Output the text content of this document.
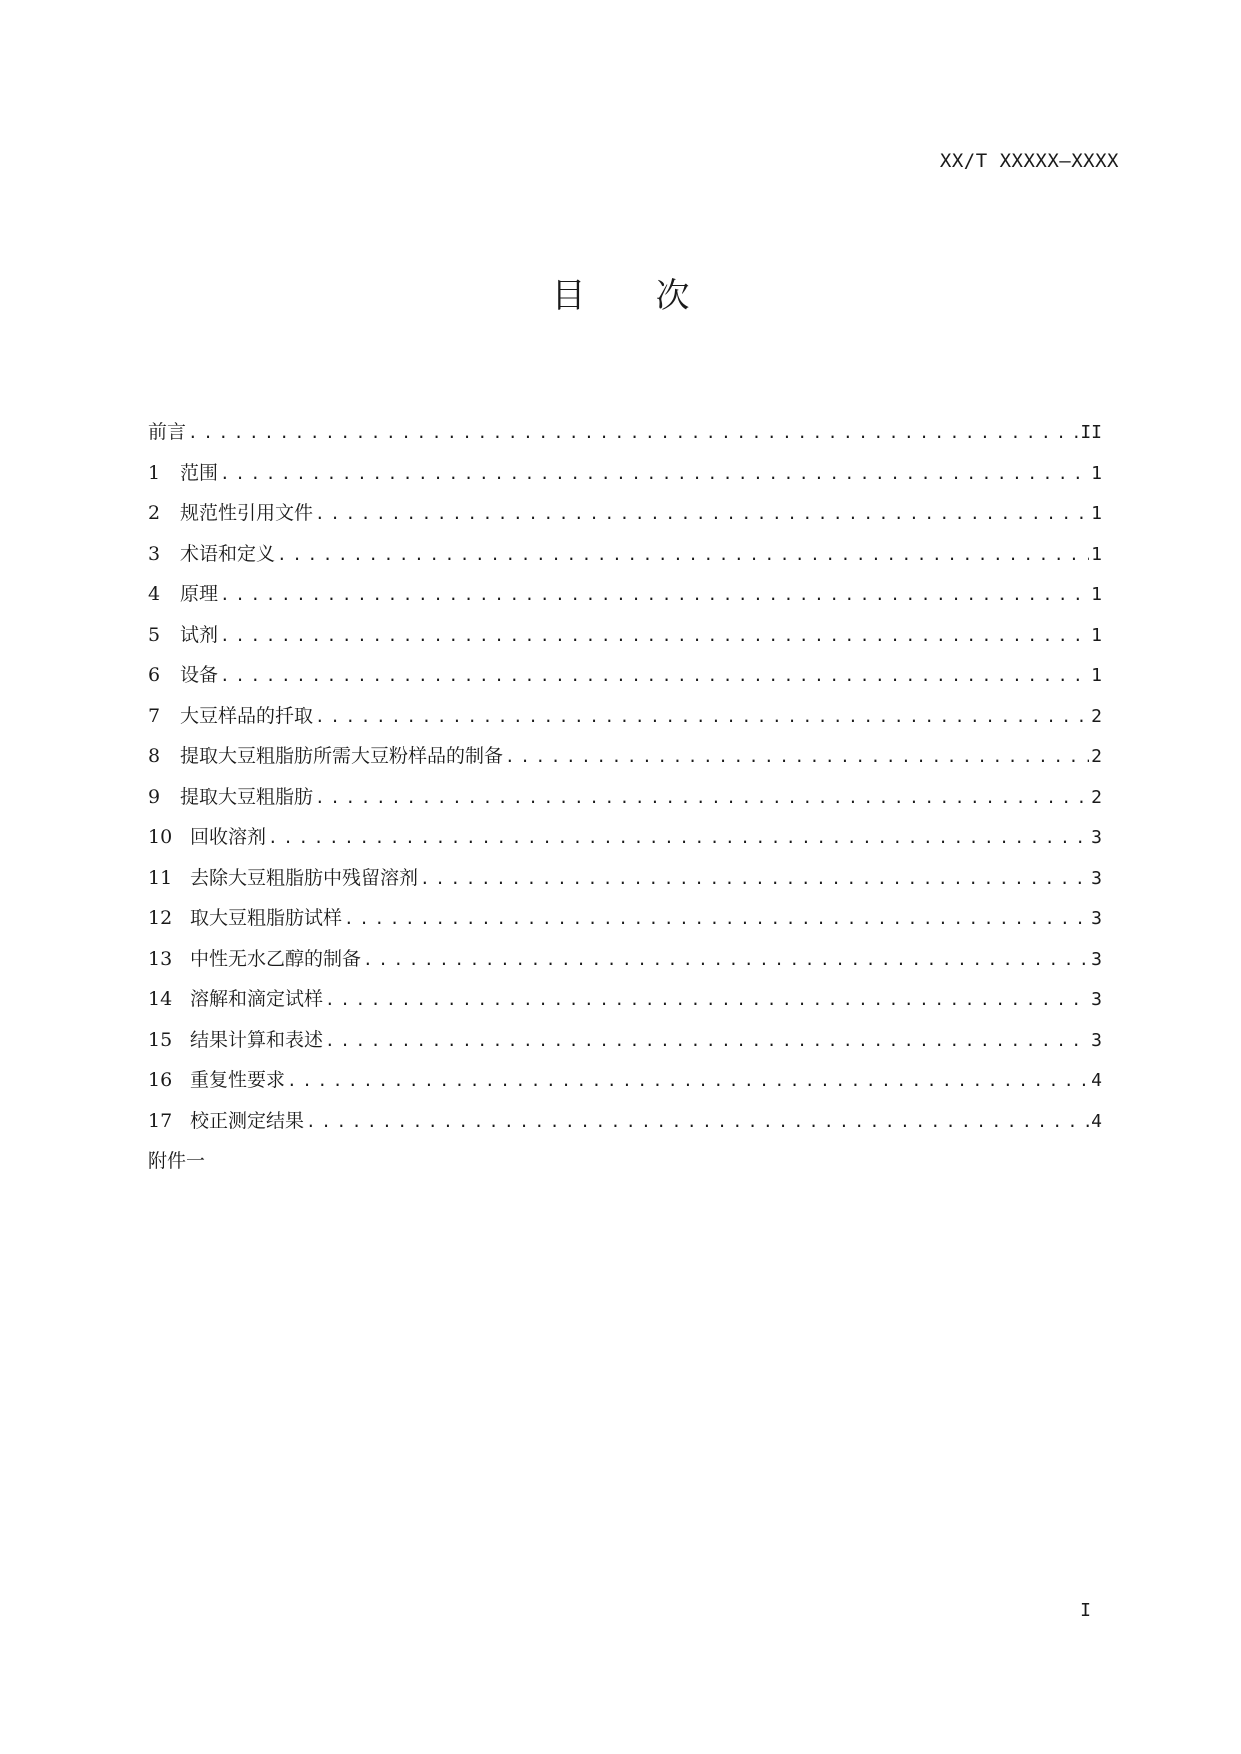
XX/T XXXXX—XXXX
目 次
前言 .....	II
1	范围 .....	1
2	规范性引用文件 .....	1
3	术语和定义 .....	1
4	原理 .....	1
5	试剂 .....	1
6	设备 .....	1
7	大豆样品的扦取 .....	2
8	提取大豆粗脂肪所需大豆粉样品的制备 .....	2
9	提取大豆粗脂肪 .....	2
10 回收溶剂 .....	3
11 去除大豆粗脂肪中残留溶剂 .....	3
12 取大豆粗脂肪试样 .....	3
13 中性无水乙醇的制备 .....	3
14 溶解和滴定试样 .....	3
15 结果计算和表述 .....	3
16 重复性要求 .....	4
17 校正测定结果 .....	4
附件一
I
